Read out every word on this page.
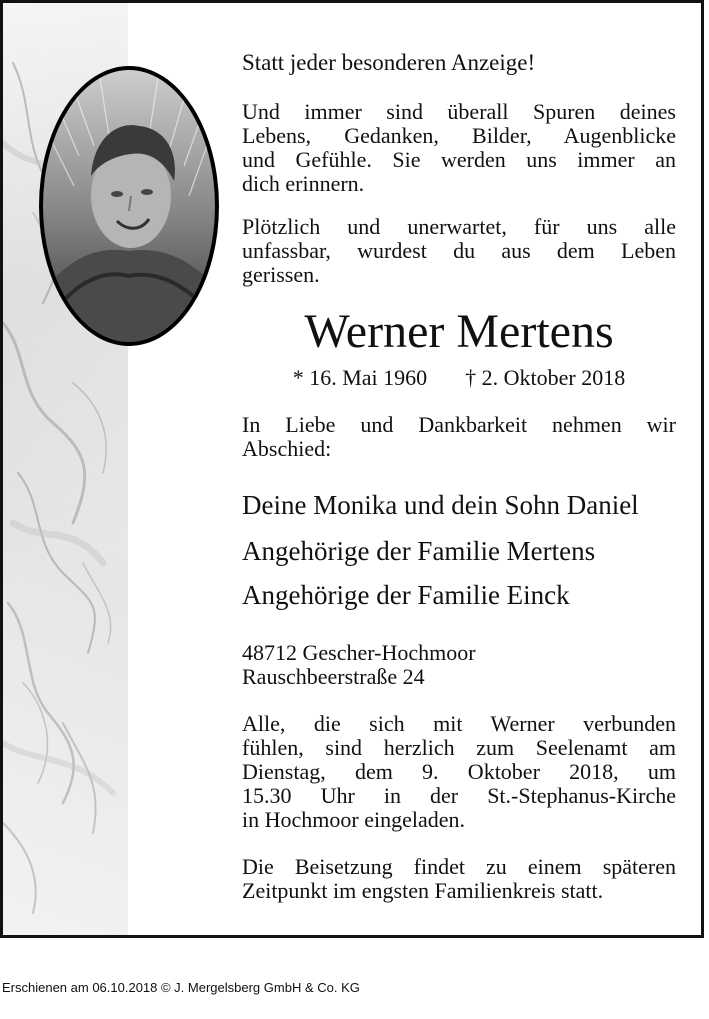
Statt jeder besonderen Anzeige!
Und immer sind überall Spuren deines
Lebens, Gedanken, Bilder, Augenblicke
und Gefühle. Sie werden uns immer an
dich erinnern.
Plötzlich und unerwartet, für uns alle
unfassbar, wurdest du aus dem Leben
gerissen.
Werner Mertens
* 16. Mai 1960 † 2. Oktober 2018
In Liebe und Dankbarkeit nehmen wir
Abschied:
Deine Monika und dein Sohn Daniel
Angehörige der Familie Mertens
Angehörige der Familie Einck
48712 Gescher-Hochmoor
Rauschbeerstraße 24
Alle, die sich mit Werner verbunden
fühlen, sind herzlich zum Seelenamt am
Dienstag, dem 9. Oktober 2018, um
15.30 Uhr in der St.-Stephanus-Kirche
in Hochmoor eingeladen.
Die Beisetzung findet zu einem späteren
Zeitpunkt im engsten Familienkreis statt.
Erschienen am 06.10.2018 © J. Mergelsberg GmbH & Co. KG
